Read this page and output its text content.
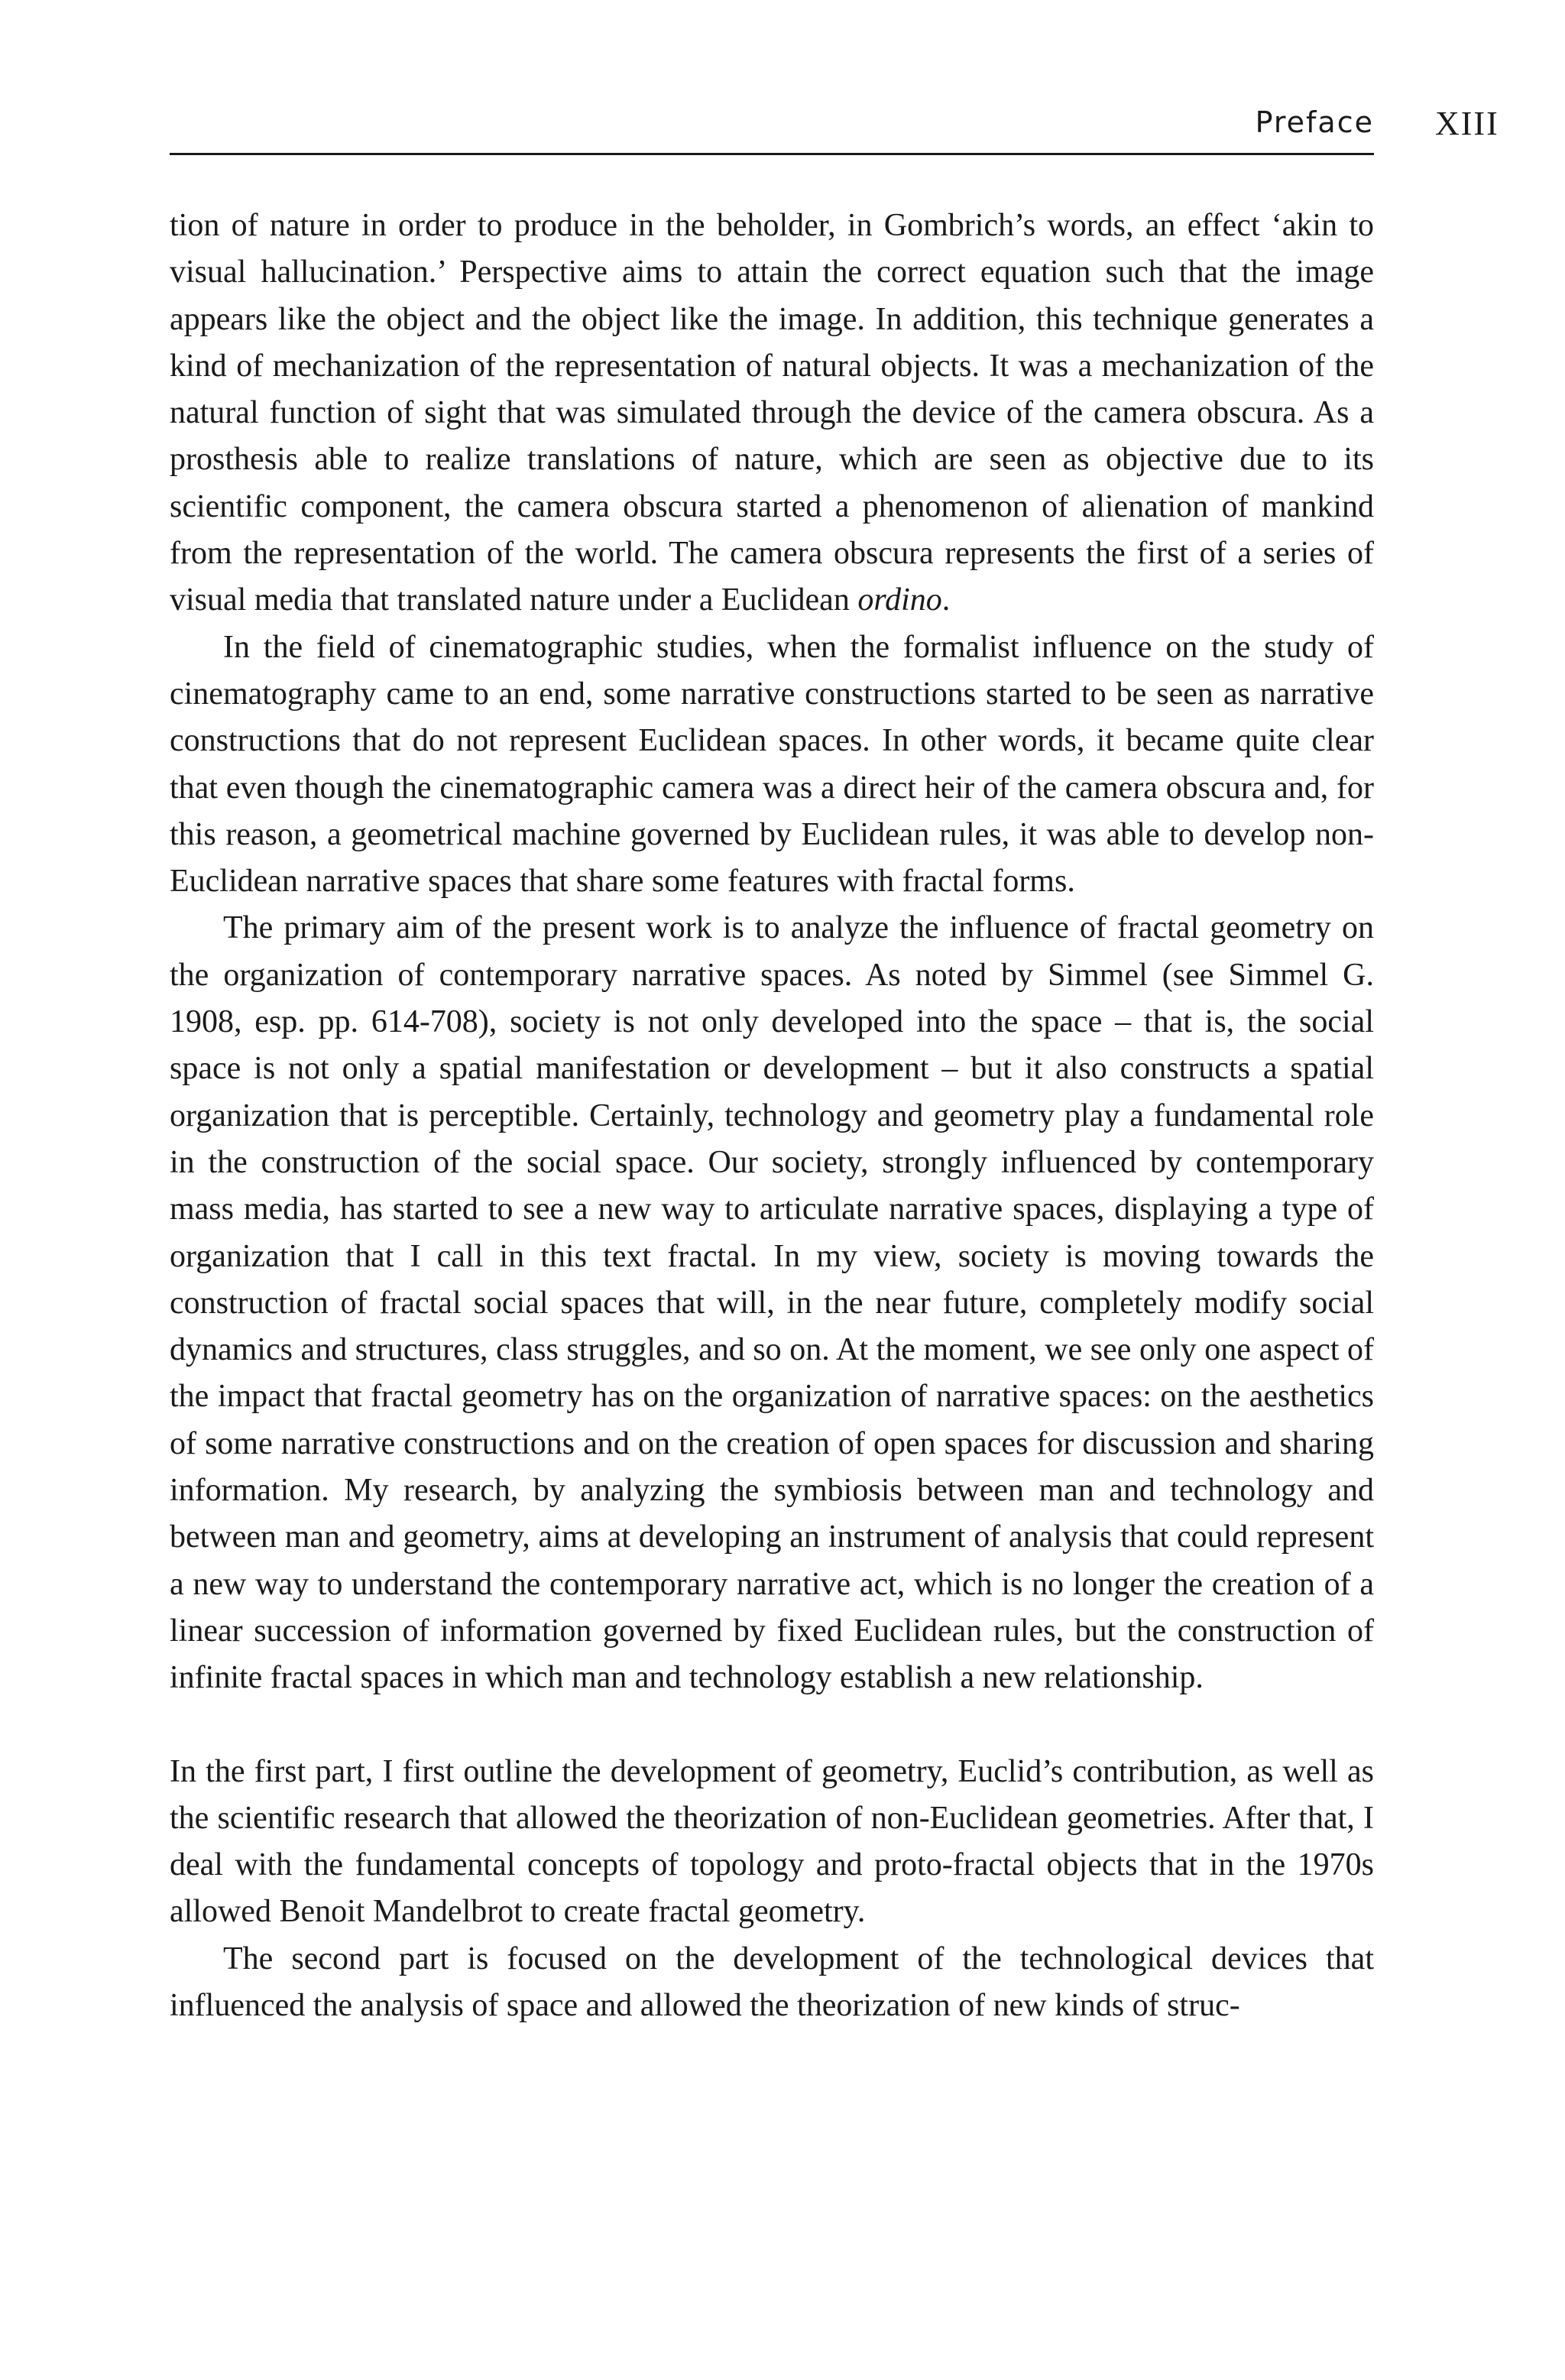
Preface XIII

tion of nature in order to produce in the beholder, in Gombrich’s words, an effect ‘akin to visual hallucination.’ Perspective aims to attain the correct equation such that the image appears like the object and the object like the image. In addition, this technique generates a kind of mechanization of the representation of natural objects. It was a mechanization of the natural function of sight that was simulated through the device of the camera obscura. As a prosthesis able to realize translations of nature, which are seen as objective due to its scientific component, the camera obscura started a phenomenon of alienation of mankind from the representation of the world. The camera obscura represents the first of a series of visual media that translated nature under a Euclidean ordino.

In the field of cinematographic studies, when the formalist influence on the study of cinematography came to an end, some narrative constructions started to be seen as narrative constructions that do not represent Euclidean spaces. In other words, it became quite clear that even though the cinematographic camera was a direct heir of the camera obscura and, for this reason, a geometrical machine governed by Euclidean rules, it was able to develop non-Euclidean narrative spaces that share some features with fractal forms.

The primary aim of the present work is to analyze the influence of fractal geometry on the organization of contemporary narrative spaces. As noted by Simmel (see Simmel G. 1908, esp. pp. 614-708), society is not only developed into the space – that is, the social space is not only a spatial manifestation or development – but it also constructs a spatial organization that is perceptible. Certainly, technology and geometry play a fundamental role in the construction of the social space. Our society, strongly influenced by contemporary mass media, has started to see a new way to articulate narrative spaces, displaying a type of organization that I call in this text fractal. In my view, society is moving towards the construction of fractal social spaces that will, in the near future, completely modify social dynamics and structures, class struggles, and so on. At the moment, we see only one aspect of the impact that fractal geometry has on the organization of narrative spaces: on the aesthetics of some narrative constructions and on the creation of open spaces for discussion and sharing information. My research, by analyzing the symbiosis between man and technology and between man and geometry, aims at developing an instrument of analysis that could represent a new way to understand the contemporary narrative act, which is no longer the creation of a linear succession of information governed by fixed Euclidean rules, but the construction of infinite fractal spaces in which man and technology establish a new relationship.

In the first part, I first outline the development of geometry, Euclid’s contribution, as well as the scientific research that allowed the theorization of non-Euclidean geometries. After that, I deal with the fundamental concepts of topology and proto-fractal objects that in the 1970s allowed Benoit Mandelbrot to create fractal geometry.

The second part is focused on the development of the technological devices that influenced the analysis of space and allowed the theorization of new kinds of struc-
